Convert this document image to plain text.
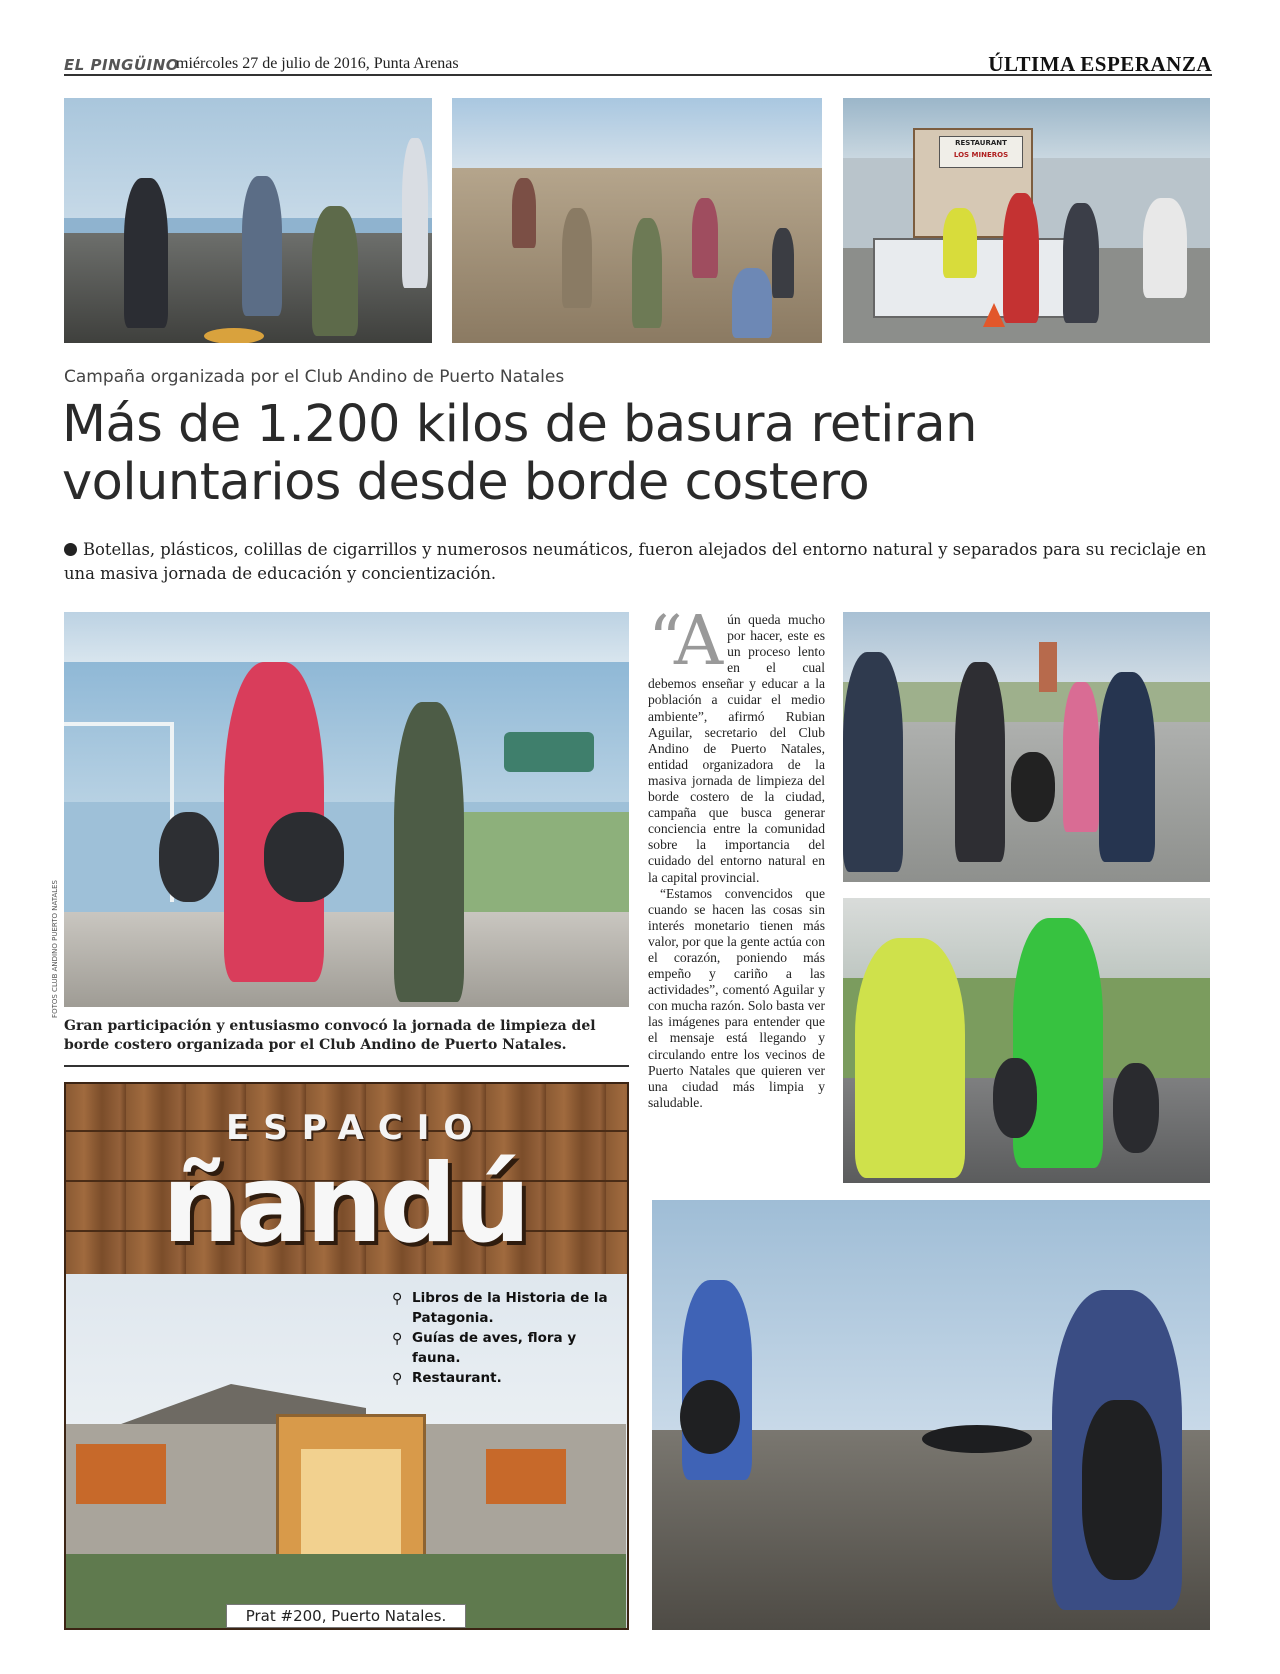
EL PINGÜINO
miércoles 27 de julio de 2016, Punta Arenas	ÚLTIMA ESPERANZA
RESTAURANT
LOS MINEROS
Campaña organizada por el Club Andino de Puerto Natales
Más de 1.200 kilos de basura retiran
voluntarios desde borde costero
Botellas, plásticos, colillas de cigarrillos y numerosos neumáticos, fueron alejados del entorno natural y separados para su reciclaje en una masiva jornada de educación y concientización.
FOTOS CLUB ANDINO PUERTO NATALES
Gran participación y entusiasmo convocó la jornada de limpieza del borde costero organizada por el Club Andino de Puerto Natales.

“Aún queda mucho por hacer, este es un proceso lento en el cual debemos enseñar y educar a la población a cuidar el medio ambiente”, afirmó Rubian Aguilar, secretario del Club Andino de Puerto Natales, entidad organizadora de la masiva jornada de limpieza del borde costero de la ciudad, campaña que busca generar conciencia entre la comunidad sobre la importancia del cuidado del entorno natural en la capital provincial.

“Estamos convencidos que cuando se hacen las cosas sin interés monetario tienen más valor, por que la gente actúa con el corazón, poniendo más empeño y cariño a las actividades”, comentó Aguilar y con mucha razón. Solo basta ver las imágenes para entender que el mensaje está llegando y circulando entre los vecinos de Puerto Natales que quieren ver una ciudad más limpia y saludable.

ESPACIO
ñandú
⚲ Libros de la Historia de la Patagonia.
⚲ Guías de aves, flora y fauna.
⚲ Restaurant.
Prat #200, Puerto Natales.
